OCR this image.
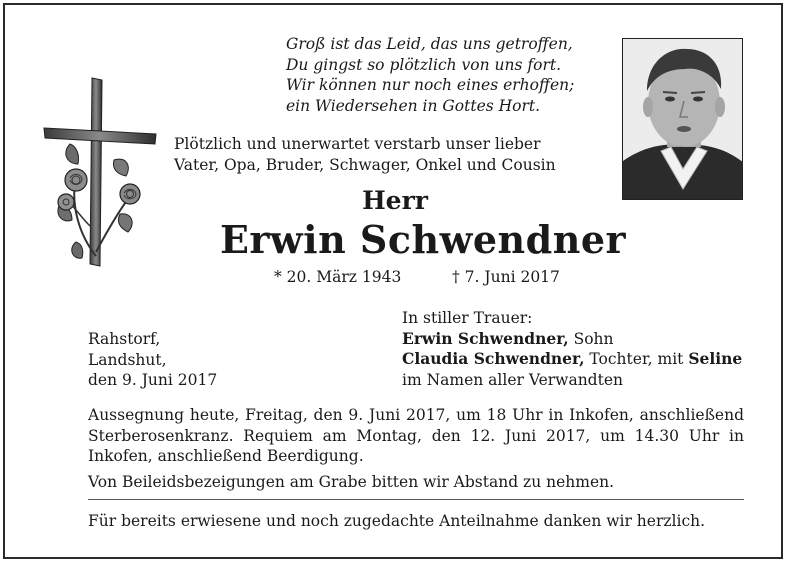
Groß ist das Leid, das uns getroffen,
Du gingst so plötzlich von uns fort.
Wir können nur noch eines erhoffen;
ein Wiedersehen in Gottes Hort.
Plötzlich und unerwartet verstarb unser lieber
Vater, Opa, Bruder, Schwager, Onkel und Cousin
Herr
Erwin Schwendner
* 20. März 1943	† 7. Juni 2017
Rahstorf,
Landshut,
den 9. Juni 2017
In stiller Trauer:
Erwin Schwendner, Sohn
Claudia Schwendner, Tochter, mit Seline
im Namen aller Verwandten
Aussegnung heute, Freitag, den 9. Juni 2017, um 18 Uhr in Inkofen, anschließend Sterberosenkranz. Requiem am Montag, den 12. Juni 2017, um 14.30 Uhr in Inkofen, anschließend Beerdigung.
Von Beileidsbezeigungen am Grabe bitten wir Abstand zu nehmen.
Für bereits erwiesene und noch zugedachte Anteilnahme danken wir herzlich.
